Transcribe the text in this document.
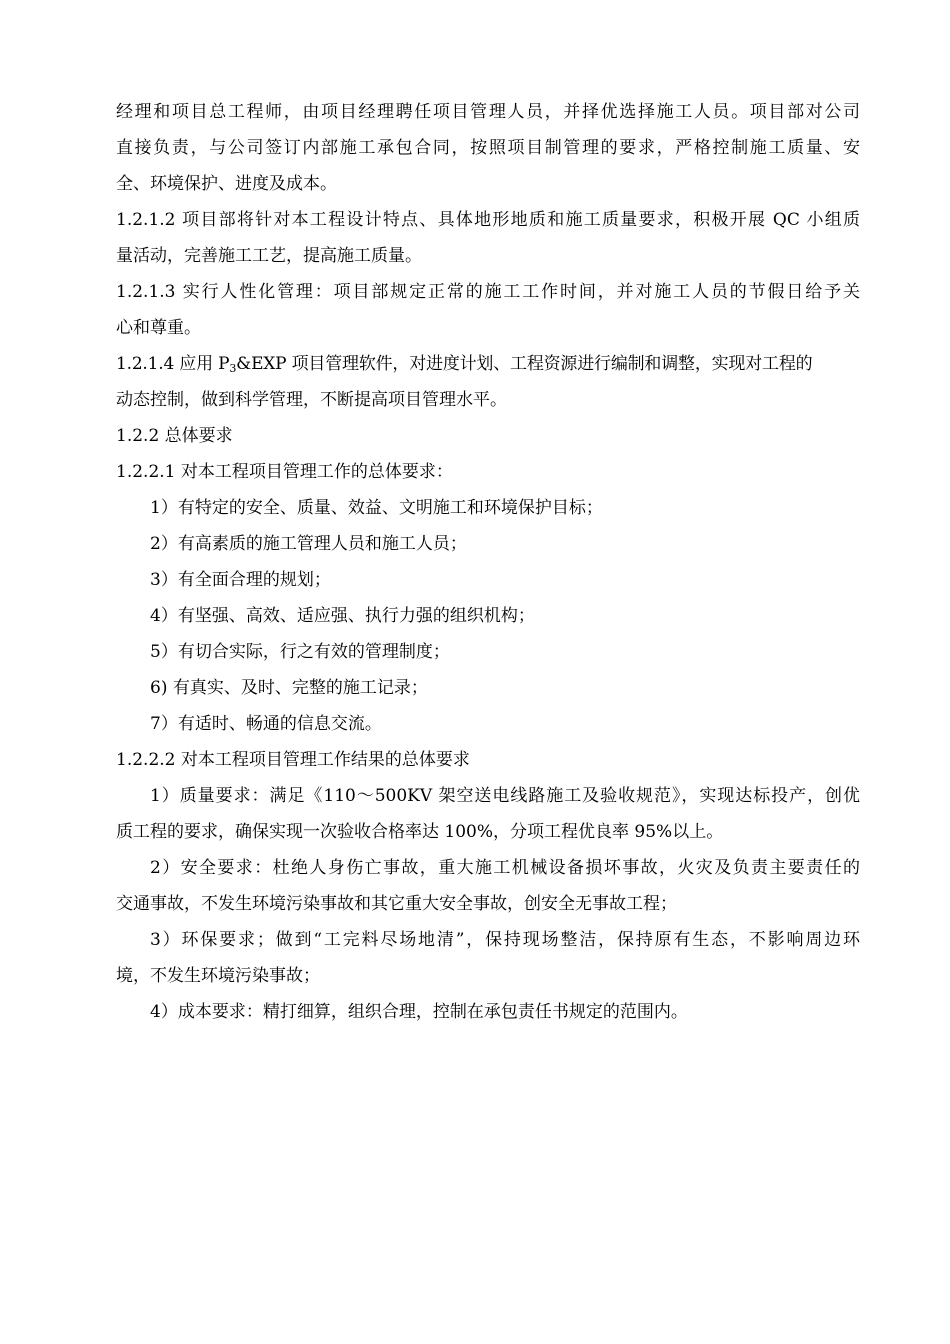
经理和项目总工程师，由项目经理聘任项目管理人员，并择优选择施工人员。项目部对公司
直接负责，与公司签订内部施工承包合同，按照项目制管理的要求，严格控制施工质量、安
全、环境保护、进度及成本。
1.2.1.2 项目部将针对本工程设计特点、具体地形地质和施工质量要求，积极开展 QC 小组质
量活动，完善施工工艺，提高施工质量。
1.2.1.3 实行人性化管理：项目部规定正常的施工工作时间，并对施工人员的节假日给予关
心和尊重。
1.2.1.4 应用 $P_3\&EXP$ 项目管理软件，对进度计划、工程资源进行编制和调整，实现对工程的
动态控制，做到科学管理，不断提高项目管理水平。
1.2.2 总体要求
1.2.2.1 对本工程项目管理工作的总体要求：
1）有特定的安全、质量、效益、文明施工和环境保护目标；
2）有高素质的施工管理人员和施工人员；
3）有全面合理的规划；
4）有坚强、高效、适应强、执行力强的组织机构；
5）有切合实际，行之有效的管理制度；
6) 有真实、及时、完整的施工记录；
7）有适时、畅通的信息交流。
1.2.2.2 对本工程项目管理工作结果的总体要求
1）质量要求：满足《110～500KV 架空送电线路施工及验收规范》，实现达标投产，创优
质工程的要求，确保实现一次验收合格率达 100%，分项工程优良率 95%以上。
2）安全要求：杜绝人身伤亡事故，重大施工机械设备损坏事故，火灾及负责主要责任的
交通事故，不发生环境污染事故和其它重大安全事故，创安全无事故工程；
3）环保要求；做到“工完料尽场地清”，保持现场整洁，保持原有生态，不影响周边环
境，不发生环境污染事故；
4）成本要求：精打细算，组织合理，控制在承包责任书规定的范围内。
